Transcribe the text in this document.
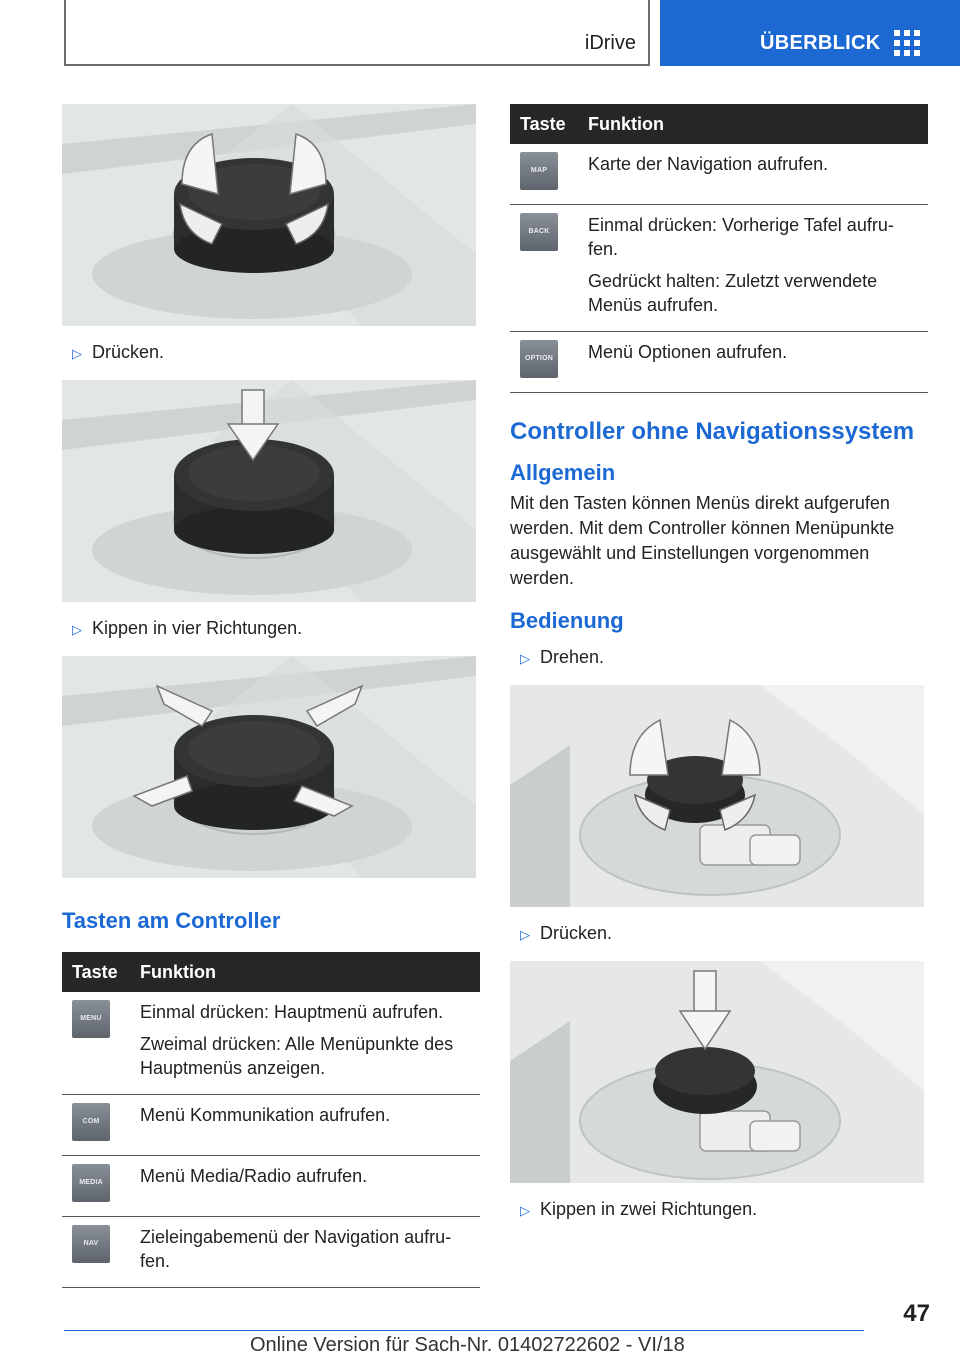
iDrive	ÜBERBLICK
▷ Drücken.
▷ Kippen in vier Richtungen.
Tasten am Controller
Taste	Funktion

MENU	Einmal drücken: Hauptmenü aufrufen.

Zweimal drücken: Alle Menüpunkte des Hauptmenüs anzeigen.

COM	Menü Kommunikation aufrufen.

MEDIA	Menü Media/Radio aufrufen.

NAV	Zieleingabemenü der Navigation aufru-fen.

Taste	Funktion

MAP	Karte der Navigation aufrufen.

BACK	Einmal drücken: Vorherige Tafel aufru-fen.

Gedrückt halten: Zuletzt verwendete Menüs aufrufen.

OPTION	Menü Optionen aufrufen.

Controller ohne Navigationssystem
Allgemein

Mit den Tasten können Menüs direkt aufgerufen werden. Mit dem Controller können Menüpunkte ausgewählt und Einstellungen vorgenommen werden.

Bedienung
▷ Drehen.
▷ Drücken.
▷ Kippen in zwei Richtungen.
47
Online Version für Sach-Nr. 01402722602 - VI/18
